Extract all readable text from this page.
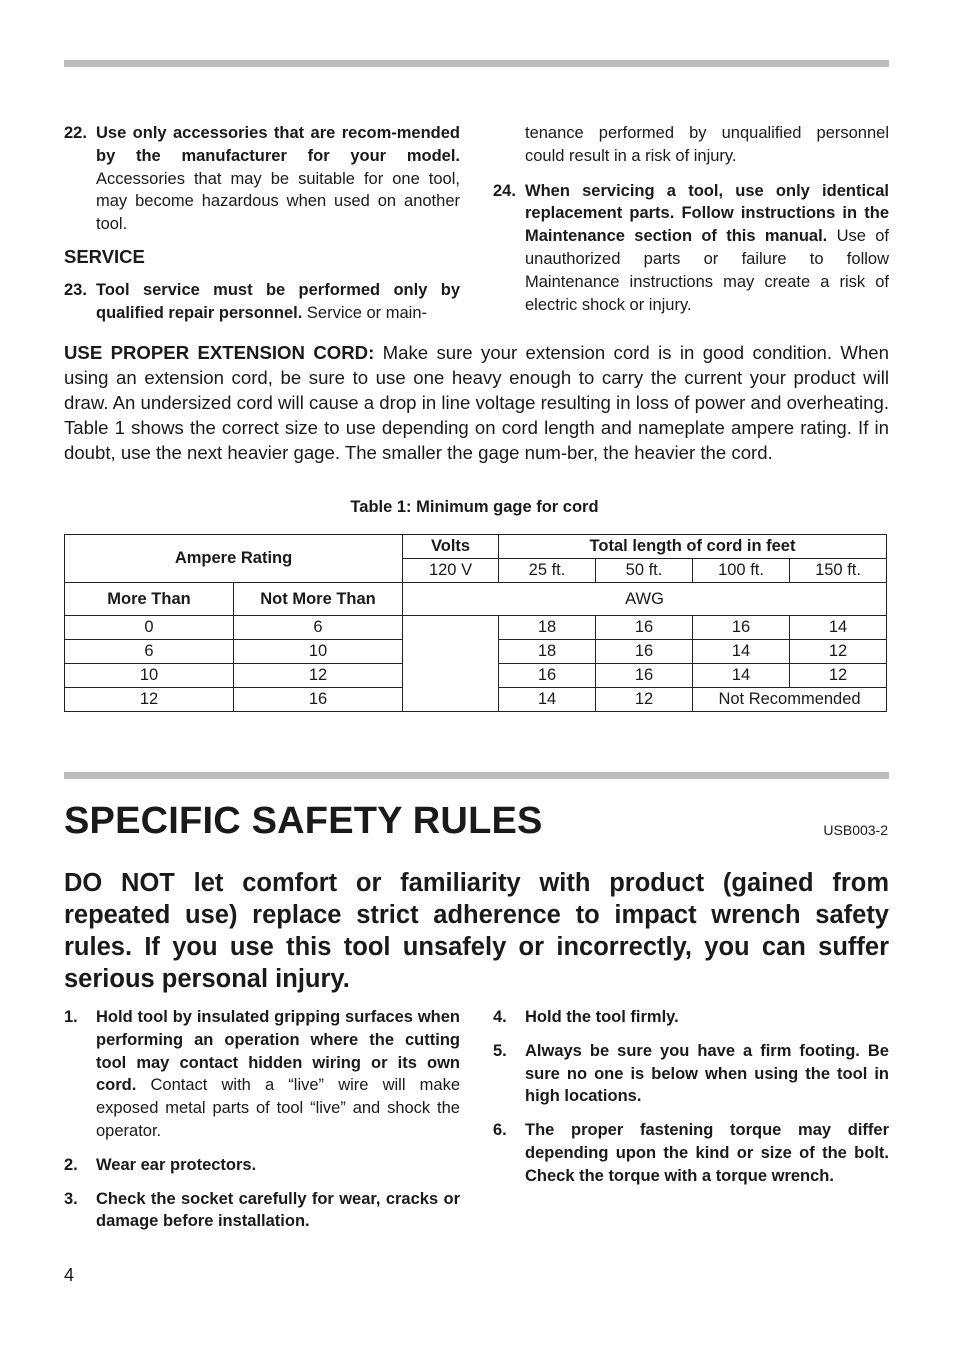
22. Use only accessories that are recom-mended by the manufacturer for your model. Accessories that may be suitable for one tool, may become hazardous when used on another tool.
SERVICE
23. Tool service must be performed only by qualified repair personnel. Service or main-
tenance performed by unqualified personnel could result in a risk of injury.
24. When servicing a tool, use only identical replacement parts. Follow instructions in the Maintenance section of this manual. Use of unauthorized parts or failure to follow Maintenance instructions may create a risk of electric shock or injury.
USE PROPER EXTENSION CORD: Make sure your extension cord is in good condition. When using an extension cord, be sure to use one heavy enough to carry the current your product will draw. An undersized cord will cause a drop in line voltage resulting in loss of power and overheating. Table 1 shows the correct size to use depending on cord length and nameplate ampere rating. If in doubt, use the next heavier gage. The smaller the gage num-ber, the heavier the cord.
Table 1: Minimum gage for cord
Ampere Rating		Volts	Total length of cord in feet			
		120 V	25 ft.	50 ft.	100 ft.	150 ft.
More Than	Not More Than	AWG				
0	6		18	16	16	14
6	10		18	16	14	12
10	12		16	16	14	12
12	16		14	12	Not Recommended	
SPECIFIC SAFETY RULES	USB003-2

DO NOT let comfort or familiarity with product (gained from repeated use) replace strict adherence to impact wrench safety rules. If you use this tool unsafely or incorrectly, you can suffer serious personal injury.

1.	Hold tool by insulated gripping surfaces when performing an operation where the cutting tool may contact hidden wiring or its own cord. Contact with a “live” wire will make exposed metal parts of tool “live” and shock the operator.
2.	Wear ear protectors.
3.	Check the socket carefully for wear, cracks or damage before installation.
4.	Hold the tool firmly.
5.	Always be sure you have a firm footing. Be sure no one is below when using the tool in high locations.
6.	The proper fastening torque may differ depending upon the kind or size of the bolt. Check the torque with a torque wrench.
4
